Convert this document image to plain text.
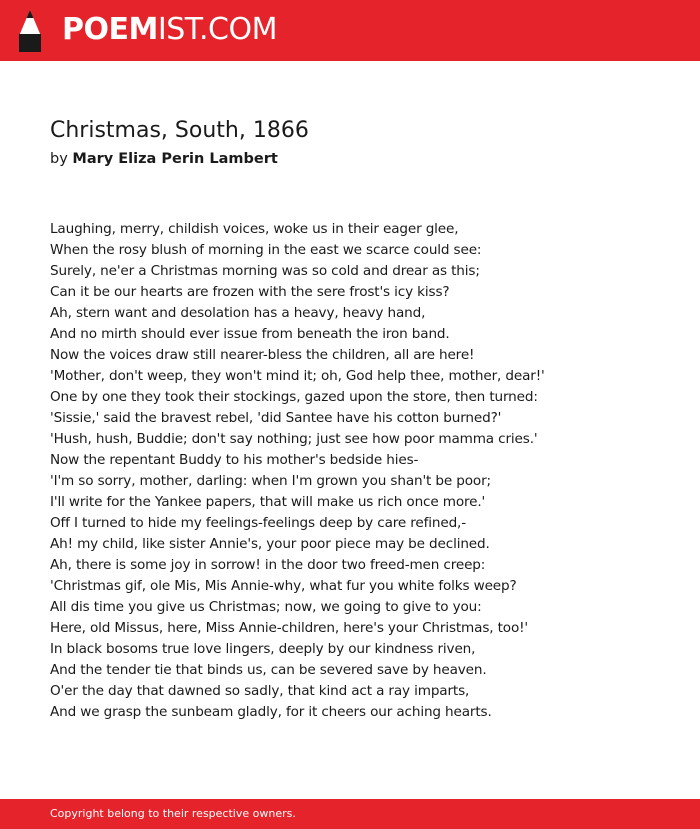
POEMIST.COM
Christmas, South, 1866
by Mary Eliza Perin Lambert
Laughing, merry, childish voices, woke us in their eager glee,
When the rosy blush of morning in the east we scarce could see:
Surely, ne'er a Christmas morning was so cold and drear as this;
Can it be our hearts are frozen with the sere frost's icy kiss?
Ah, stern want and desolation has a heavy, heavy hand,
And no mirth should ever issue from beneath the iron band.
Now the voices draw still nearer-bless the children, all are here!
'Mother, don't weep, they won't mind it; oh, God help thee, mother, dear!'
One by one they took their stockings, gazed upon the store, then turned:
'Sissie,' said the bravest rebel, 'did Santee have his cotton burned?'
'Hush, hush, Buddie; don't say nothing; just see how poor mamma cries.'
Now the repentant Buddy to his mother's bedside hies-
'I'm so sorry, mother, darling: when I'm grown you shan't be poor;
I'll write for the Yankee papers, that will make us rich once more.'
Off I turned to hide my feelings-feelings deep by care refined,-
Ah! my child, like sister Annie's, your poor piece may be declined.
Ah, there is some joy in sorrow! in the door two freed-men creep:
'Christmas gif, ole Mis, Mis Annie-why, what fur you white folks weep?
All dis time you give us Christmas; now, we going to give to you:
Here, old Missus, here, Miss Annie-children, here's your Christmas, too!'
In black bosoms true love lingers, deeply by our kindness riven,
And the tender tie that binds us, can be severed save by heaven.
O'er the day that dawned so sadly, that kind act a ray imparts,
And we grasp the sunbeam gladly, for it cheers our aching hearts.
Copyright belong to their respective owners.
